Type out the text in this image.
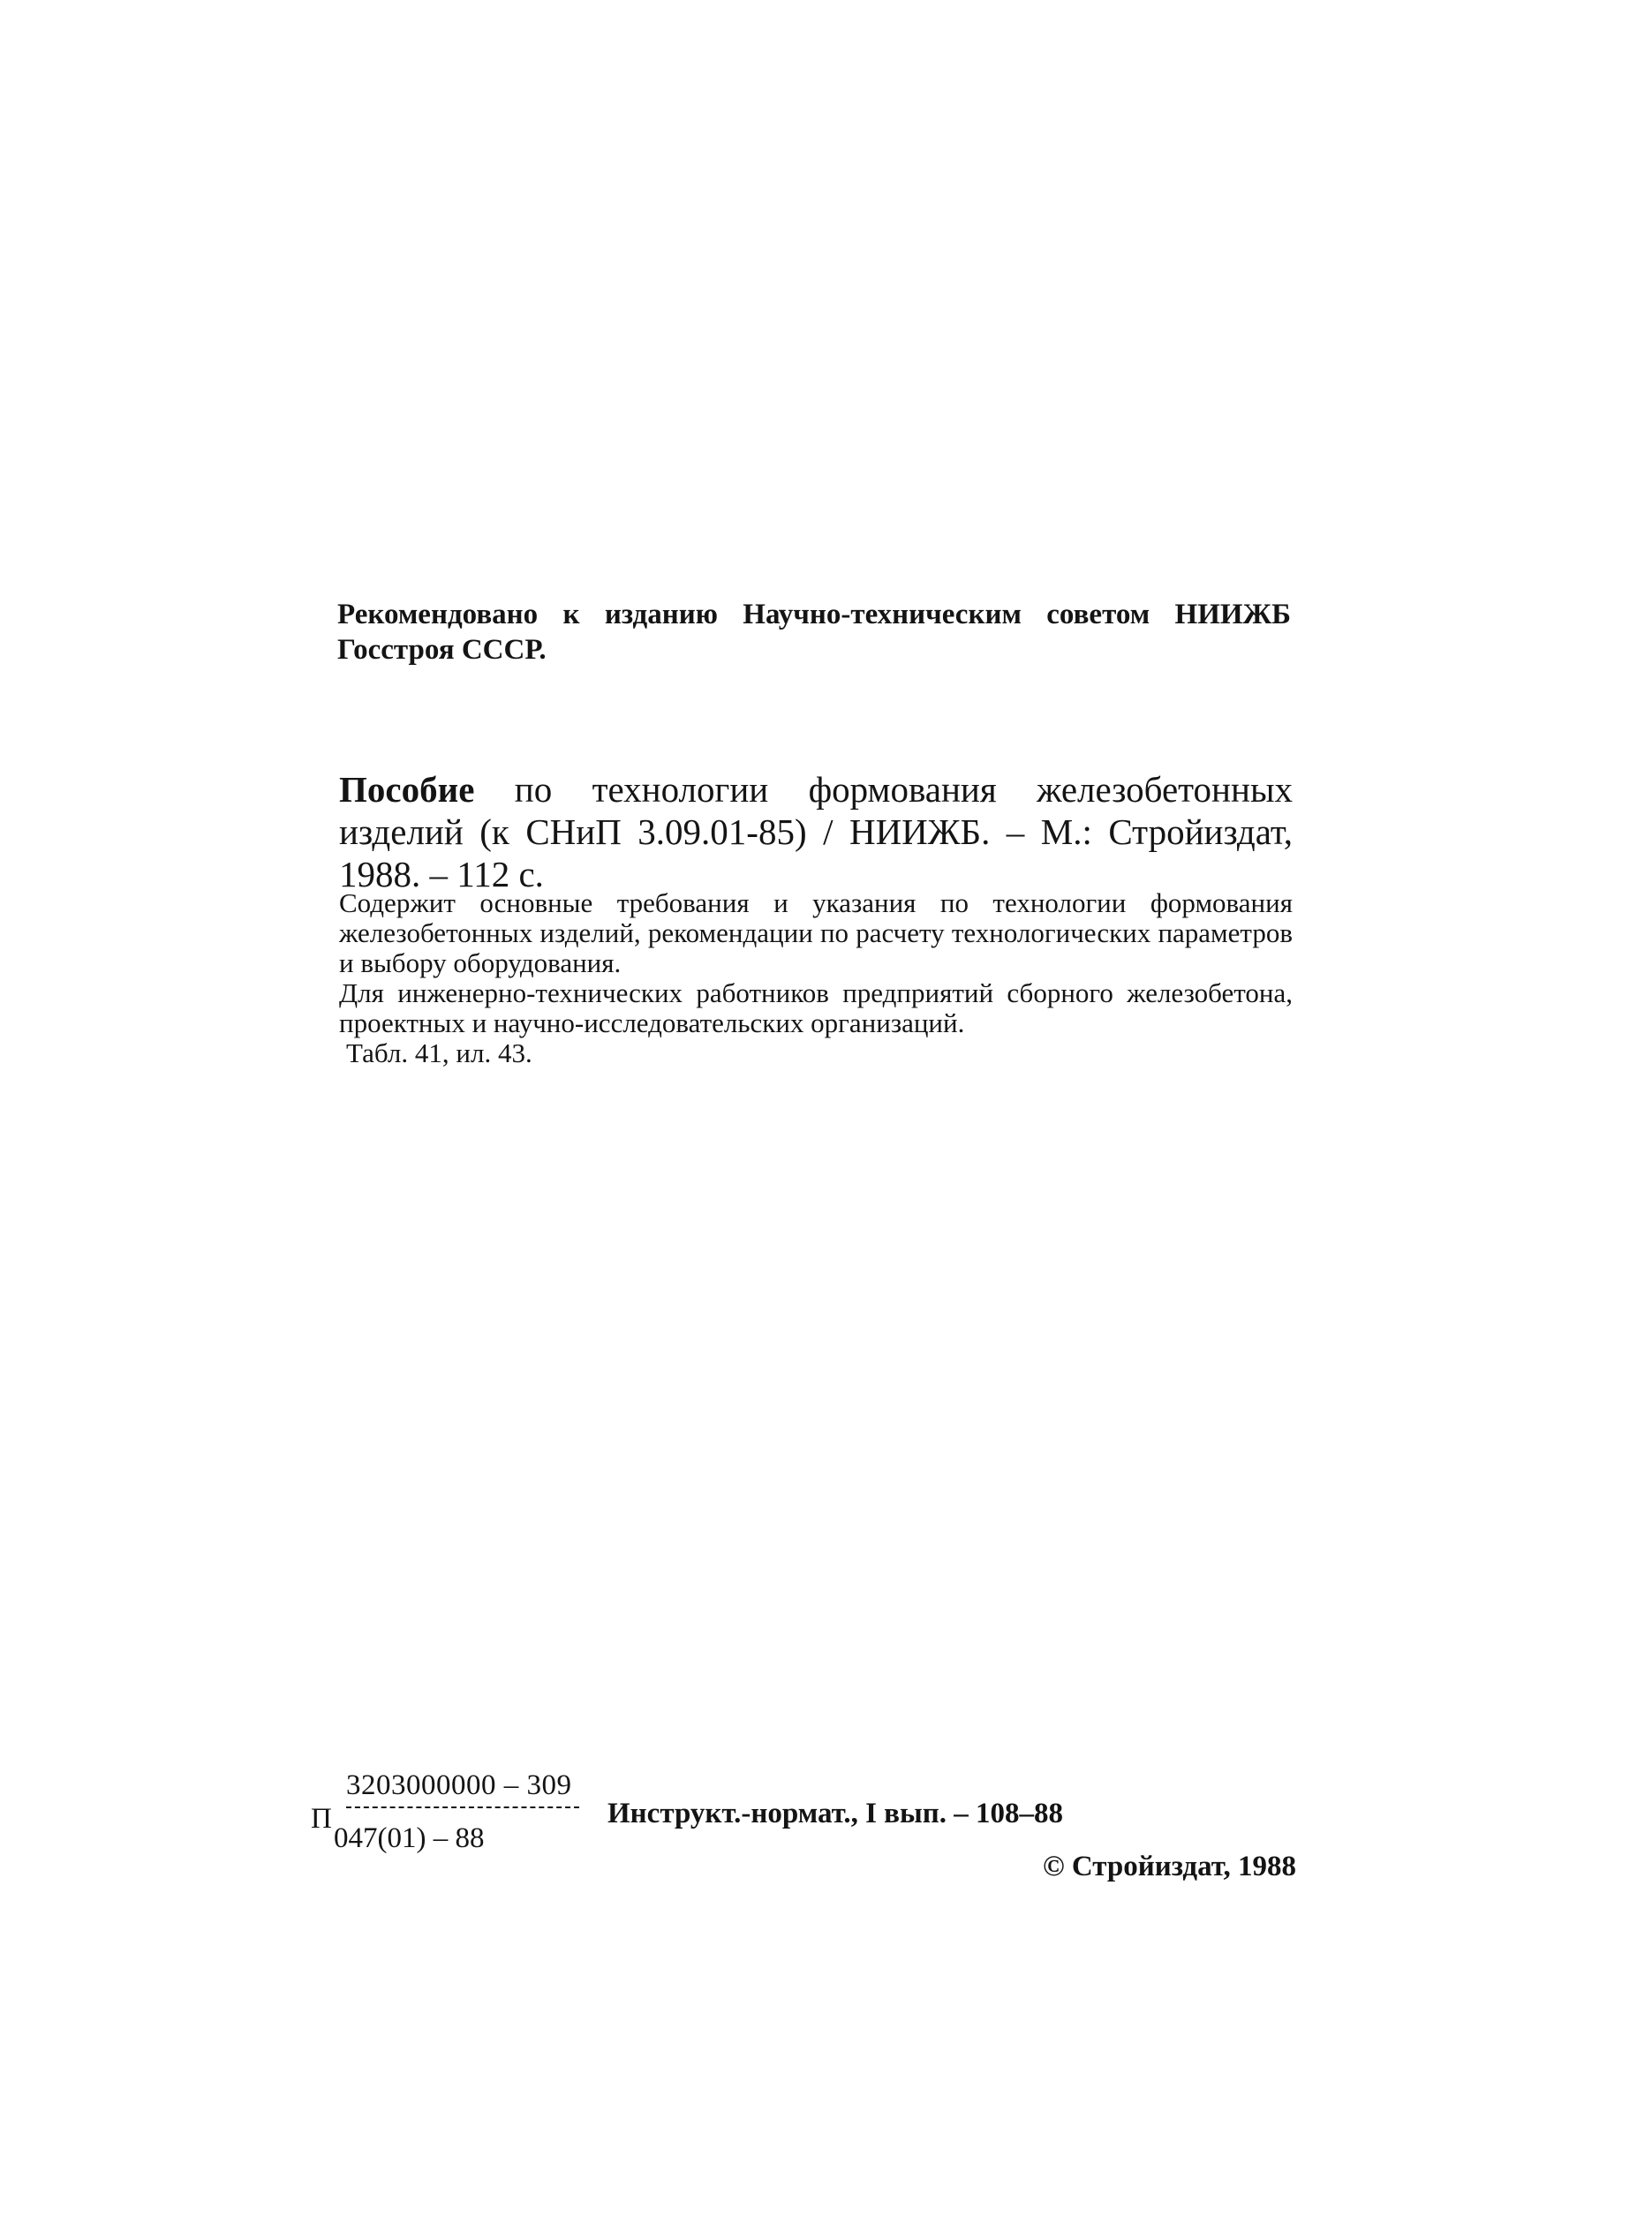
Рекомендовано к изданию Научно-техническим советом НИИЖБ Госстроя СССР.
Пособие по технологии формования железобетонных изделий (к СНиП 3.09.01-85) / НИИЖБ. – М.: Стройиздат, 1988. – 112 с.

Содержит основные требования и указания по технологии формования железобетонных изделий, рекомендации по расчету технологических параметров и выбору оборудования.

Для инженерно-технических работников предприятий сборного железобетона, проектных и научно-исследовательских организаций.

Табл. 41, ил. 43.

П
3203000000 – 309
047(01) – 88
Инструкт.-нормат., I вып. – 108–88
© Стройиздат, 1988
